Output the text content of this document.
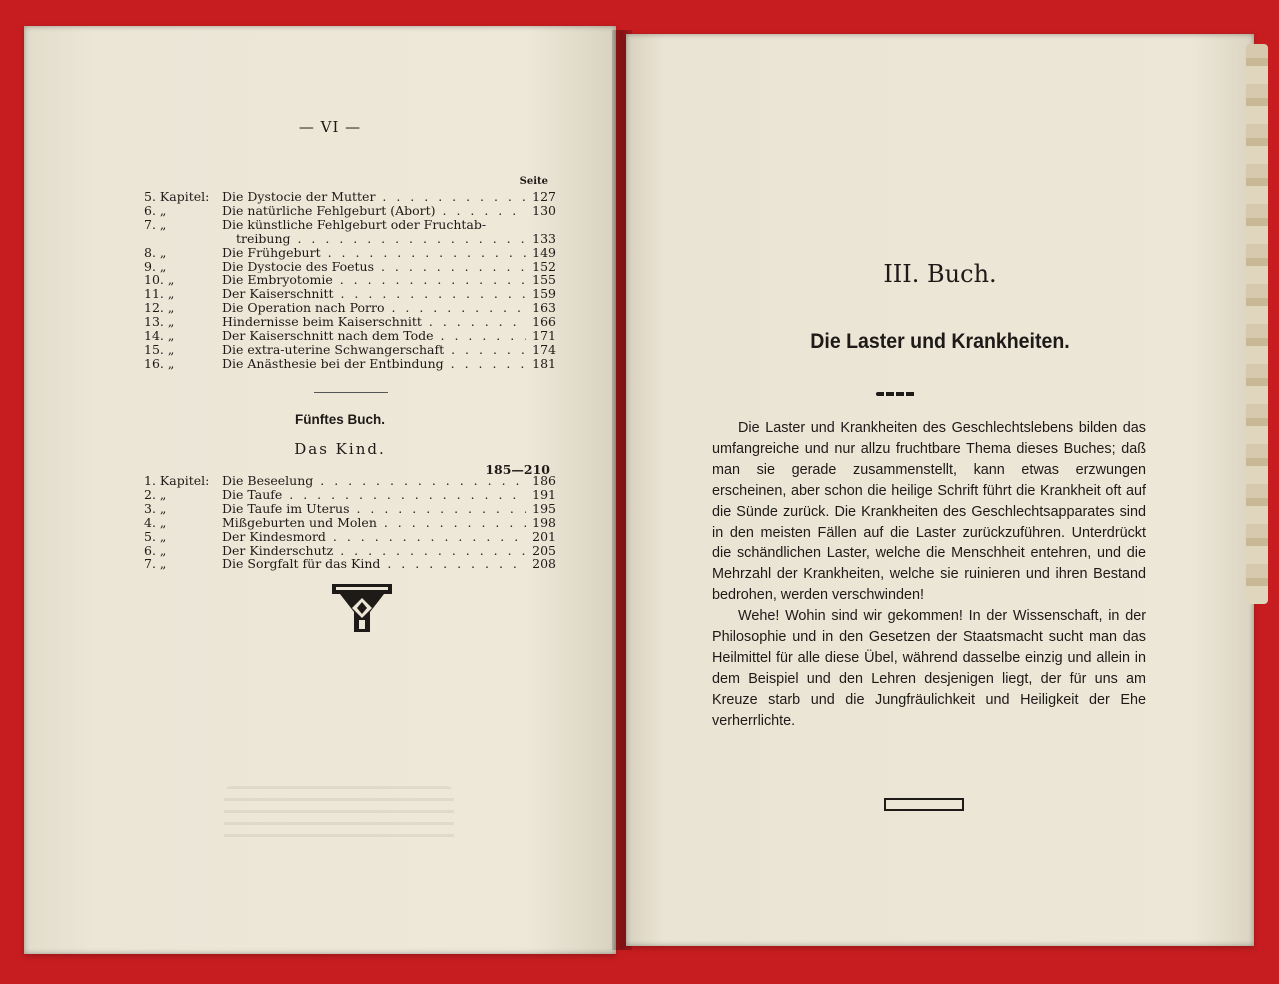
— VI —
Seite
5. Kapitel:	Die Dystocie der Mutter . . .	127
6. „	Die natürliche Fehlgeburt (Abort) . . .	130
7. „	Die künstliche Fehlgeburt oder Fruchtab-
treibung . . .	133
8. „	Die Frühgeburt . . .	149
9. „	Die Dystocie des Foetus . . .	152
10. „	Die Embryotomie . . .	155
11. „	Der Kaiserschnitt . . .	159
12. „	Die Operation nach Porro . . .	163
13. „	Hindernisse beim Kaiserschnitt . . .	166
14. „	Der Kaiserschnitt nach dem Tode . . .	171
15. „	Die extra-uterine Schwangerschaft . . .	174
16. „	Die Anästhesie bei der Entbindung . . .	181
Fünftes Buch.
Das Kind.
185—210
1. Kapitel:	Die Beseelung . . .	186
2. „	Die Taufe . . .	191
3. „	Die Taufe im Uterus . . .	195
4. „	Mißgeburten und Molen . . .	198
5. „	Der Kindesmord . . .	201
6. „	Der Kinderschutz . . .	205
7. „	Die Sorgfalt für das Kind . . .	208
III. Buch.
Die Laster und Krankheiten.

Die Laster und Krankheiten des Geschlechtslebens bilden das umfangreiche und nur allzu fruchtbare Thema dieses Buches; daß man sie gerade zusammenstellt, kann etwas erzwungen erscheinen, aber schon die heilige Schrift führt die Krankheit oft auf die Sünde zurück. Die Krankheiten des Geschlechtsapparates sind in den meisten Fällen auf die Laster zurückzuführen. Unterdrückt die schändlichen Laster, welche die Menschheit entehren, und die Mehrzahl der Krankheiten, welche sie ruinieren und ihren Bestand bedrohen, werden verschwinden!

Wehe! Wohin sind wir gekommen! In der Wissenschaft, in der Philosophie und in den Gesetzen der Staatsmacht sucht man das Heilmittel für alle diese Übel, während dasselbe einzig und allein in dem Beispiel und den Lehren desjenigen liegt, der für uns am Kreuze starb und die Jungfräulichkeit und Heiligkeit der Ehe verherrlichte.
